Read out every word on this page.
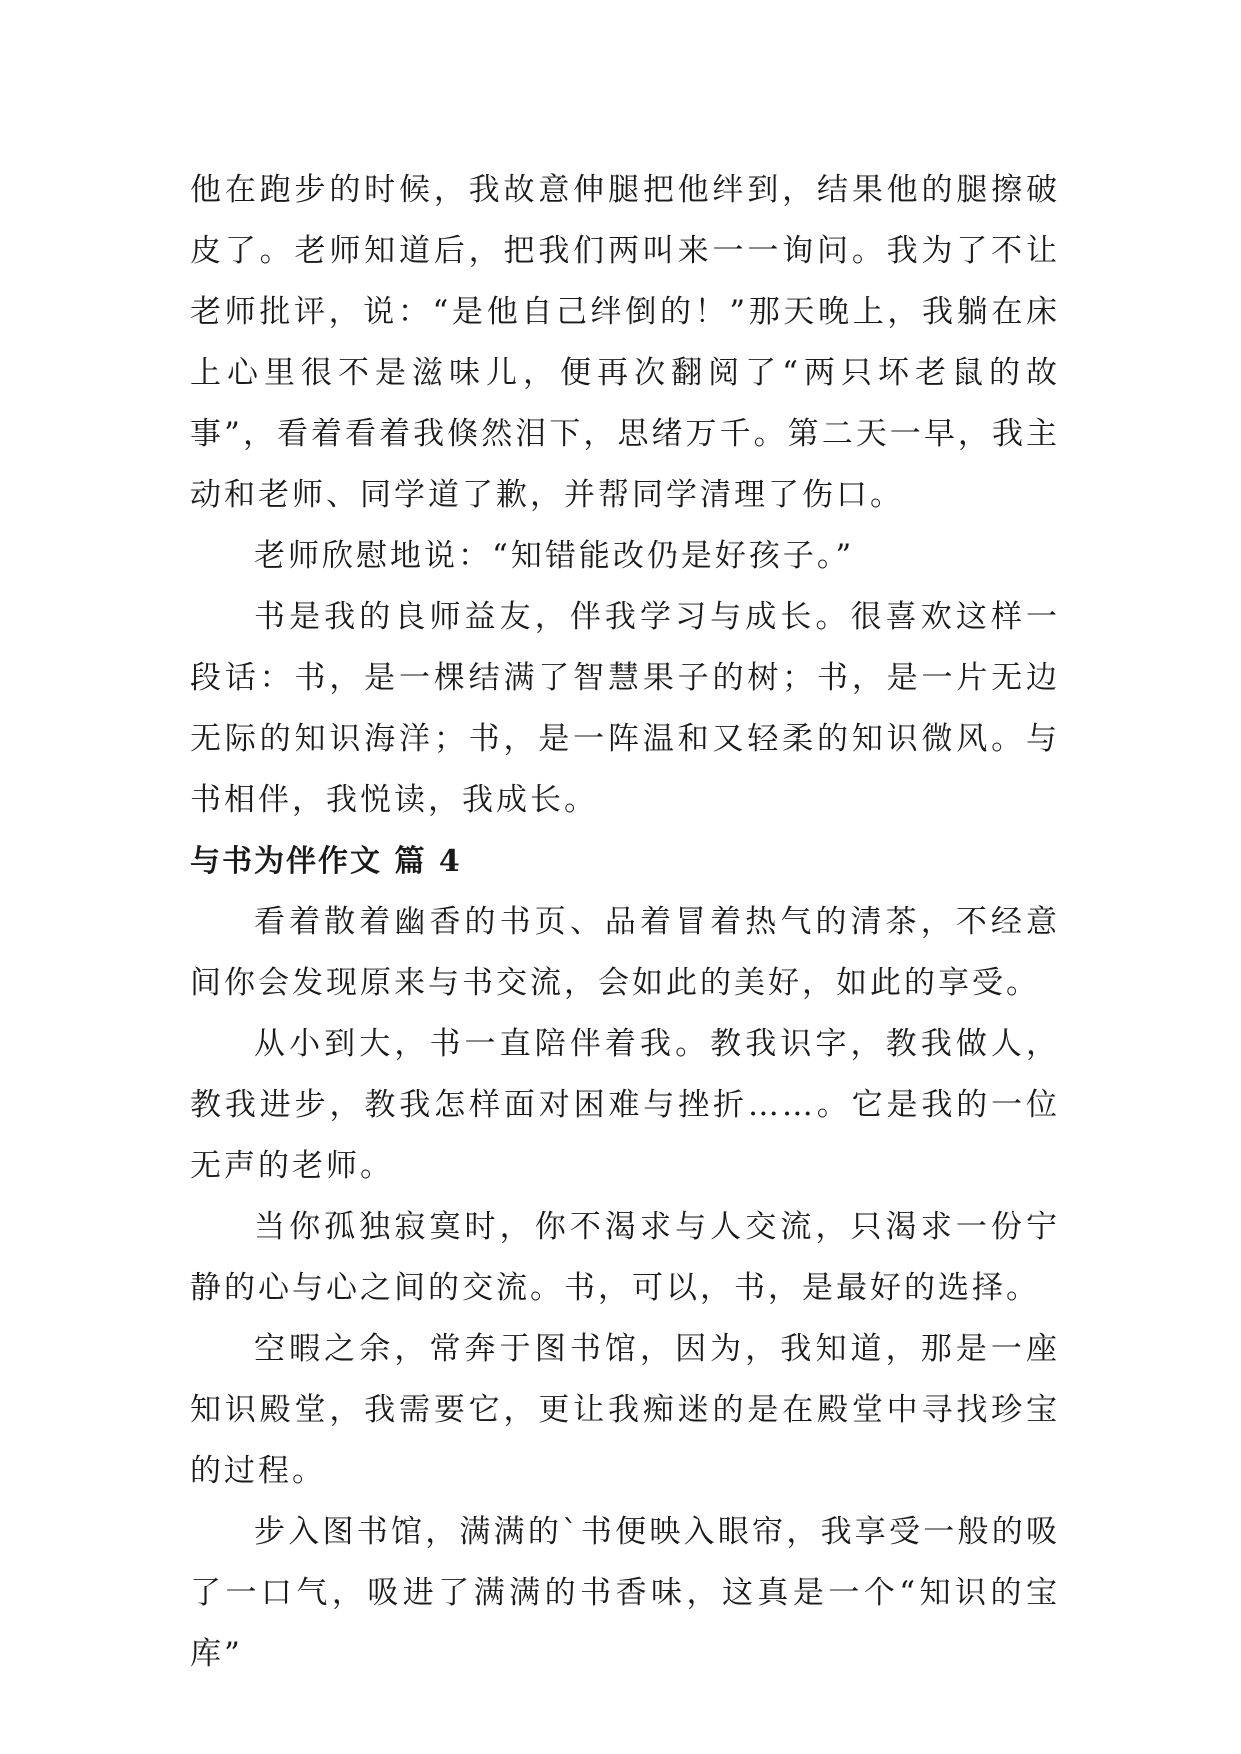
他在跑步的时候，我故意伸腿把他绊到，结果他的腿擦破皮了。老师知道后，把我们两叫来一一询问。我为了不让老师批评，说：“是他自己绊倒的！”那天晚上，我躺在床上心里很不是滋味儿，便再次翻阅了“两只坏老鼠的故事”，看着看着我倏然泪下，思绪万千。第二天一早，我主动和老师、同学道了歉，并帮同学清理了伤口。

老师欣慰地说：“知错能改仍是好孩子。”

书是我的良师益友，伴我学习与成长。很喜欢这样一段话：书，是一棵结满了智慧果子的树；书，是一片无边无际的知识海洋；书，是一阵温和又轻柔的知识微风。与书相伴，我悦读，我成长。

与书为伴作文 篇 4

看着散着幽香的书页、品着冒着热气的清茶，不经意间你会发现原来与书交流，会如此的美好，如此的享受。

从小到大，书一直陪伴着我。教我识字，教我做人，教我进步，教我怎样面对困难与挫折……。它是我的一位无声的老师。

当你孤独寂寞时，你不渴求与人交流，只渴求一份宁静的心与心之间的交流。书，可以，书，是最好的选择。

空暇之余，常奔于图书馆，因为，我知道，那是一座知识殿堂，我需要它，更让我痴迷的是在殿堂中寻找珍宝的过程。

步入图书馆，满满的`书便映入眼帘，我享受一般的吸了一口气，吸进了满满的书香味，这真是一个“知识的宝库”
